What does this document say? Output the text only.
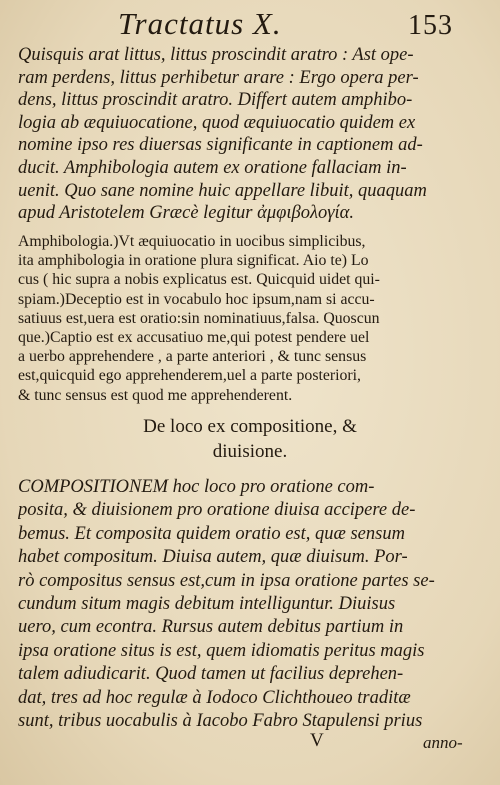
Tractatus X.	153
Quisquis arat littus, littus proscindit aratro : Ast ope-
ram perdens, littus perhibetur arare : Ergo opera per-
dens, littus proscindit aratro. Differt autem amphibo-
logia ab æquiuocatione, quod æquiuocatio quidem ex
nomine ipso res diuersas significante in captionem ad-
ducit. Amphibologia autem ex oratione fallaciam in-
uenit. Quo sane nomine huic appellare libuit, quaquam
apud Aristotelem Græcè legitur ἀμφιβολογία.
Amphibologia.)Vt æquiuocatio in uocibus simplicibus,
ita amphibologia in oratione plura significat. Aio te) Lo
cus ( hic supra a nobis explicatus est. Quicquid uidet qui-
spiam.)Deceptio est in vocabulo hoc ipsum,nam si accu-
satiuus est,uera est oratio:sin nominatiuus,falsa. Quoscun
que.)Captio est ex accusatiuo me,qui potest pendere uel
a uerbo apprehendere , a parte anteriori , & tunc sensus
est,quicquid ego apprehenderem,uel a parte posteriori,
& tunc sensus est quod me apprehenderent.
De loco ex compositione, &
diuisione.
COMPOSITIONEM hoc loco pro oratione com-
posita, & diuisionem pro oratione diuisa accipere de-
bemus. Et composita quidem oratio est, quæ sensum
habet compositum. Diuisa autem, quæ diuisum. Por-
rò compositus sensus est,cum in ipsa oratione partes se-
cundum situm magis debitum intelliguntur. Diuisus
uero, cum econtra. Rursus autem debitus partium in
ipsa oratione situs is est, quem idiomatis peritus magis
talem adiudicarit. Quod tamen ut facilius deprehen-
dat, tres ad hoc regulæ à Iodoco Clichthoueo traditæ
sunt, tribus uocabulis à Iacobo Fabro Stapulensi prius
V	anno-
